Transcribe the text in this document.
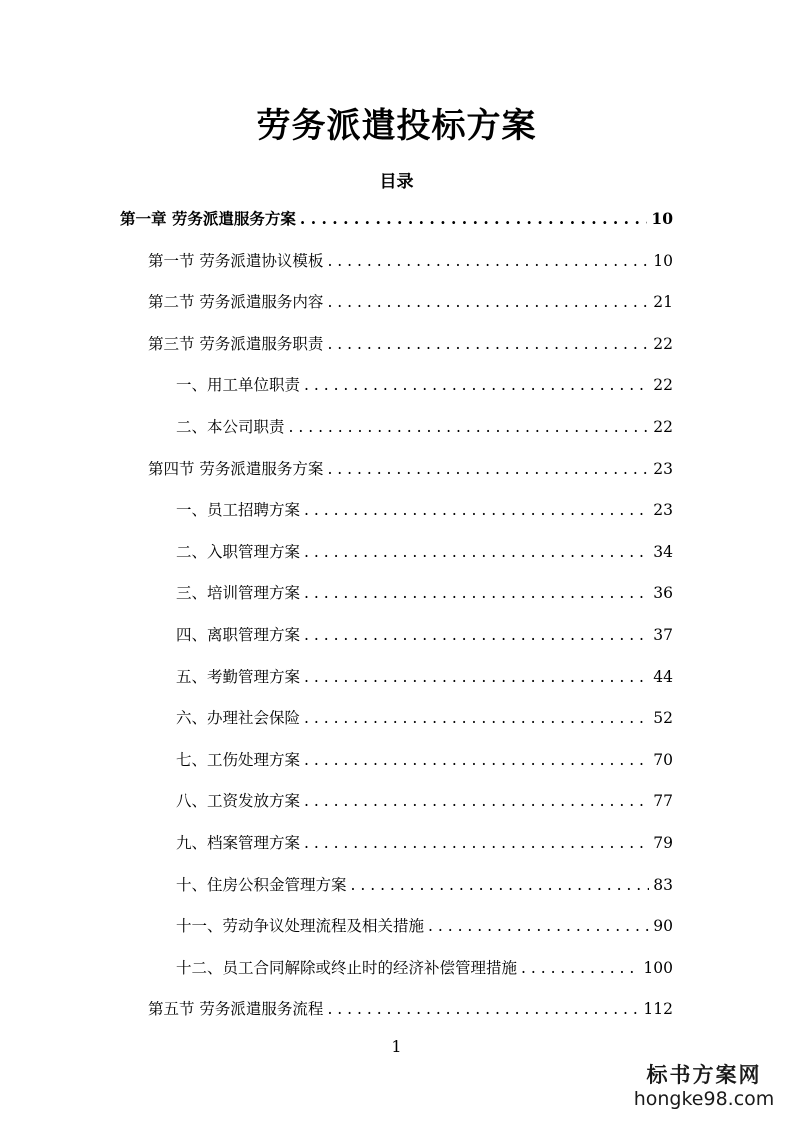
劳务派遣投标方案
目录
第一章 劳务派遣服务方案 . . .	10
第一节 劳务派遣协议模板 . . .	10
第二节 劳务派遣服务内容 . . .	21
第三节 劳务派遣服务职责 . . .	22
一、用工单位职责 . . .	22
二、本公司职责 . . .	22
第四节 劳务派遣服务方案 . . .	23
一、员工招聘方案 . . .	23
二、入职管理方案 . . .	34
三、培训管理方案 . . .	36
四、离职管理方案 . . .	37
五、考勤管理方案 . . .	44
六、办理社会保险 . . .	52
七、工伤处理方案 . . .	70
八、工资发放方案 . . .	77
九、档案管理方案 . . .	79
十、住房公积金管理方案 . . .	83
十一、劳动争议处理流程及相关措施 . . .	90
十二、员工合同解除或终止时的经济补偿管理措施 . . .	100
第五节 劳务派遣服务流程 . . .	112
1
标书方案网
hongke98.com
